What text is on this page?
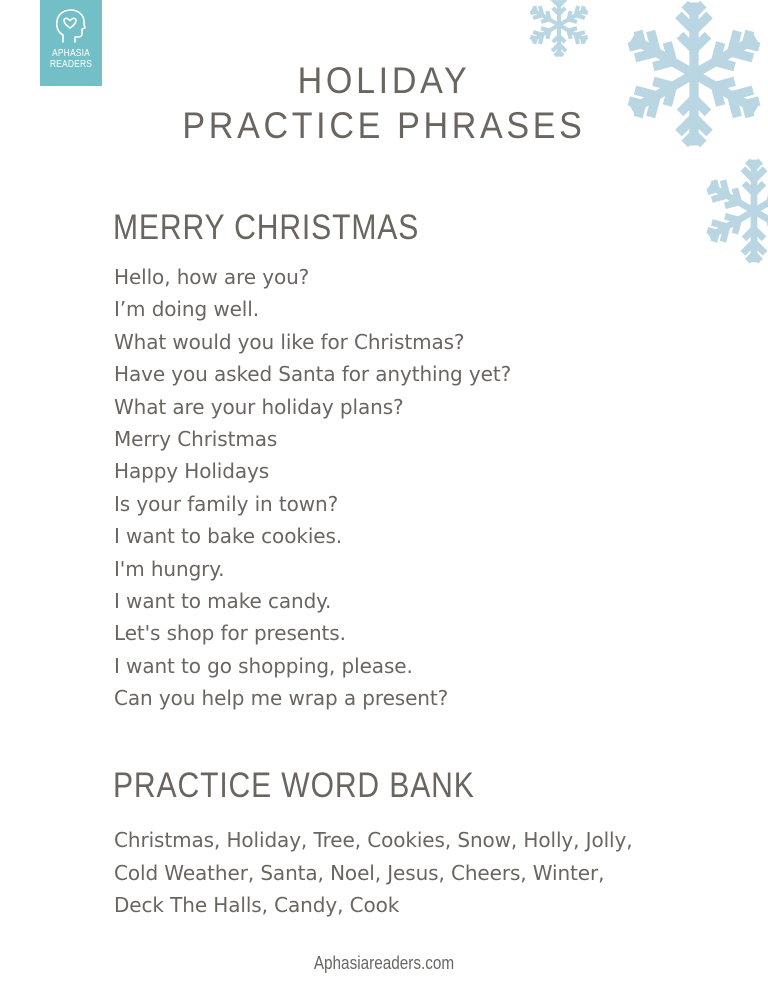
APHASIA
READERS	HOLIDAY
PRACTICE PHRASES
MERRY CHRISTMAS
Hello, how are you?
I’m doing well.
What would you like for Christmas?
Have you asked Santa for anything yet?
What are your holiday plans?
Merry Christmas
Happy Holidays
Is your family in town?
I want to bake cookies.
I'm hungry.
I want to make candy.
Let's shop for presents.
I want to go shopping, please.
Can you help me wrap a present?
PRACTICE WORD BANK
Christmas, Holiday, Tree, Cookies, Snow, Holly, Jolly,
Cold Weather, Santa, Noel, Jesus, Cheers, Winter,
Deck The Halls, Candy, Cook
Aphasiareaders.com
